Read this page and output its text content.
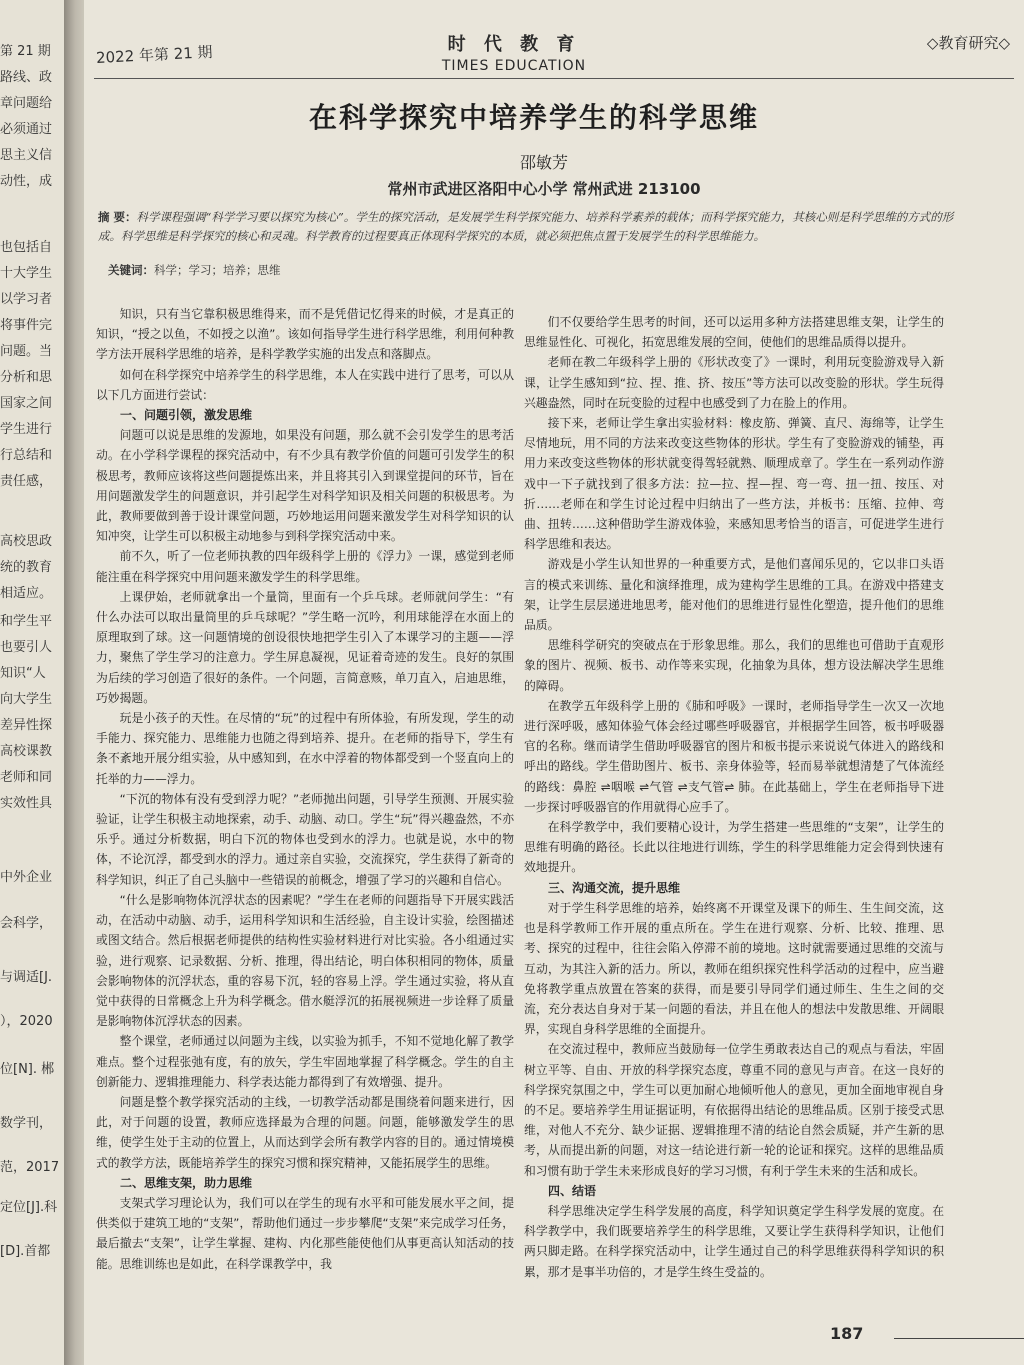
第 21 期
路线、政
章问题给
必须通过
思主义信
动性，成
也包括自
十大学生
以学习者
将事件完
问题。当
分析和思
国家之间
学生进行
行总结和
责任感，
高校思政
统的教育
相适应。
和学生平
也要引人
知识“人
向大学生
差异性探
高校课教
老师和同
实效性具
中外企业
会科学，
与调适[J.
），2020
位[N]. 郴
数学刊，
范，2017
定位[J].科
[D].首都
2022 年第 21 期	时 代 教 育
TIMES EDUCATION
◇教育研究◇
在科学探究中培养学生的科学思维
邵敏芳
常州市武进区洛阳中心小学 常州武进 213100
摘 要：科学课程强调“科学学习要以探究为核心”。学生的探究活动，是发展学生科学探究能力、培养科学素养的载体；而科学探究能力，其核心则是科学思维的方式的形成。科学思维是科学探究的核心和灵魂。科学教育的过程要真正体现科学探究的本质，就必须把焦点置于发展学生的科学思维能力。
关键词：科学；学习；培养；思维

知识，只有当它靠积极思维得来，而不是凭借记忆得来的时候，才是真正的知识，“授之以鱼，不如授之以渔”。该如何指导学生进行科学思维，利用何种教学方法开展科学思维的培养，是科学教学实施的出发点和落脚点。

如何在科学探究中培养学生的科学思维，本人在实践中进行了思考，可以从以下几方面进行尝试：

一、问题引领，激发思维

问题可以说是思维的发源地，如果没有问题，那么就不会引发学生的思考活动。在小学科学课程的探究活动中，有不少具有教学价值的问题可引发学生的积极思考，教师应该将这些问题提炼出来，并且将其引入到课堂提问的环节，旨在用问题激发学生的问题意识，并引起学生对科学知识及相关问题的积极思考。为此，教师要做到善于设计课堂问题，巧妙地运用问题来激发学生对科学知识的认知冲突，让学生可以积极主动地参与到科学探究活动中来。

前不久，听了一位老师执教的四年级科学上册的《浮力》一课，感觉到老师能注重在科学探究中用问题来激发学生的科学思维。

上课伊始，老师就拿出一个量筒，里面有一个乒乓球。老师就问学生：“有什么办法可以取出量筒里的乒乓球呢？”学生略一沉吟，利用球能浮在水面上的原理取到了球。这一问题情境的创设很快地把学生引入了本课学习的主题——浮力，聚焦了学生学习的注意力。学生屏息凝视，见证着奇迹的发生。良好的氛围为后续的学习创造了很好的条件。一个问题，言简意赅，单刀直入，启迪思维，巧妙揭题。

玩是小孩子的天性。在尽情的“玩”的过程中有所体验，有所发现，学生的动手能力、探究能力、思维能力也随之得到培养、提升。在老师的指导下，学生有条不紊地开展分组实验，从中感知到，在水中浮着的物体都受到一个竖直向上的托举的力——浮力。

“下沉的物体有没有受到浮力呢？”老师抛出问题，引导学生预测、开展实验验证，让学生积极主动地探索，动手、动脑、动口。学生“玩”得兴趣盎然，不亦乐乎。通过分析数据，明白下沉的物体也受到水的浮力。也就是说，水中的物体，不论沉浮，都受到水的浮力。通过亲自实验，交流探究，学生获得了新奇的科学知识，纠正了自己头脑中一些错误的前概念，增强了学习的兴趣和自信心。

“什么是影响物体沉浮状态的因素呢？”学生在老师的问题指导下开展实践活动，在活动中动脑、动手，运用科学知识和生活经验，自主设计实验，绘图描述或图文结合。然后根据老师提供的结构性实验材料进行对比实验。各小组通过实验，进行观察、记录数据、分析、推理，得出结论，明白体积相同的物体，质量会影响物体的沉浮状态，重的容易下沉，轻的容易上浮。学生通过实验，将从直觉中获得的日常概念上升为科学概念。借水艇浮沉的拓展视频进一步诠释了质量是影响物体沉浮状态的因素。

整个课堂，老师通过以问题为主线，以实验为抓手，不知不觉地化解了教学难点。整个过程张弛有度，有的放矢，学生牢固地掌握了科学概念。学生的自主创新能力、逻辑推理能力、科学表达能力都得到了有效增强、提升。

问题是整个教学探究活动的主线，一切教学活动都是围绕着问题来进行，因此，对于问题的设置，教师应选择最为合理的问题。问题，能够激发学生的思维，使学生处于主动的位置上，从而达到学会所有教学内容的目的。通过情境模式的教学方法，既能培养学生的探究习惯和探究精神，又能拓展学生的思维。

二、思维支架，助力思维

支架式学习理论认为，我们可以在学生的现有水平和可能发展水平之间，提供类似于建筑工地的“支架”，帮助他们通过一步步攀爬“支架”来完成学习任务，最后撤去“支架”，让学生掌握、建构、内化那些能使他们从事更高认知活动的技能。思维训练也是如此，在科学课教学中，我

们不仅要给学生思考的时间，还可以运用多种方法搭建思维支架，让学生的思维显性化、可视化，拓宽思维发展的空间，使他们的思维品质得以提升。

老师在教二年级科学上册的《形状改变了》一课时，利用玩变脸游戏导入新课，让学生感知到“拉、捏、推、挤、按压”等方法可以改变脸的形状。学生玩得兴趣盎然，同时在玩变脸的过程中也感受到了力在脸上的作用。

接下来，老师让学生拿出实验材料：橡皮筋、弹簧、直尺、海绵等，让学生尽情地玩，用不同的方法来改变这些物体的形状。学生有了变脸游戏的铺垫，再用力来改变这些物体的形状就变得驾轻就熟、顺理成章了。学生在一系列动作游戏中一下子就找到了很多方法：拉—拉、捏—捏、弯一弯、扭一扭、按压、对折……老师在和学生讨论过程中归纳出了一些方法，并板书：压缩、拉伸、弯曲、扭转……这种借助学生游戏体验，来感知思考恰当的语言，可促进学生进行科学思维和表达。

游戏是小学生认知世界的一种重要方式，是他们喜闻乐见的，它以非口头语言的模式来训练、量化和演绎推理，成为建构学生思维的工具。在游戏中搭建支架，让学生层层递进地思考，能对他们的思维进行显性化塑造，提升他们的思维品质。

思维科学研究的突破点在于形象思维。那么，我们的思维也可借助于直观形象的图片、视频、板书、动作等来实现，化抽象为具体，想方设法解决学生思维的障碍。

在教学五年级科学上册的《肺和呼吸》一课时，老师指导学生一次又一次地进行深呼吸，感知体验气体会经过哪些呼吸器官，并根据学生回答，板书呼吸器官的名称。继而请学生借助呼吸器官的图片和板书提示来说说气体进入的路线和呼出的路线。学生借助图片、板书、亲身体验等，轻而易举就想清楚了气体流经的路线：鼻腔 ⇌咽喉 ⇌气管 ⇌支气管⇌ 肺。在此基础上，学生在老师指导下进一步探讨呼吸器官的作用就得心应手了。

在科学教学中，我们要精心设计，为学生搭建一些思维的“支架”，让学生的思维有明确的路径。长此以往地进行训练，学生的科学思维能力定会得到快速有效地提升。

三、沟通交流，提升思维

对于学生科学思维的培养，始终离不开课堂及课下的师生、生生间交流，这也是科学教师工作开展的重点所在。学生在进行观察、分析、比较、推理、思考、探究的过程中，往往会陷入停滞不前的境地。这时就需要通过思维的交流与互动，为其注入新的活力。所以，教师在组织探究性科学活动的过程中，应当避免将教学重点放置在答案的获得，而是要引导同学们通过师生、生生之间的交流，充分表达自身对于某一问题的看法，并且在他人的想法中发散思维、开阔眼界，实现自身科学思维的全面提升。

在交流过程中，教师应当鼓励每一位学生勇敢表达自己的观点与看法，牢固树立平等、自由、开放的科学探究态度，尊重不同的意见与声音。在这一良好的科学探究氛围之中，学生可以更加耐心地倾听他人的意见，更加全面地审视自身的不足。要培养学生用证据证明，有依据得出结论的思维品质。区别于接受式思维，对他人不充分、缺少证据、逻辑推理不清的结论自然会质疑，并产生新的思考，从而提出新的问题，对这一结论进行新一轮的论证和探究。这样的思维品质和习惯有助于学生未来形成良好的学习习惯，有利于学生未来的生活和成长。

四、结语

科学思维决定学生科学发展的高度，科学知识奠定学生科学发展的宽度。在科学教学中，我们既要培养学生的科学思维，又要让学生获得科学知识，让他们两只脚走路。在科学探究活动中，让学生通过自己的科学思维获得科学知识的积累，那才是事半功倍的，才是学生终生受益的。

187
